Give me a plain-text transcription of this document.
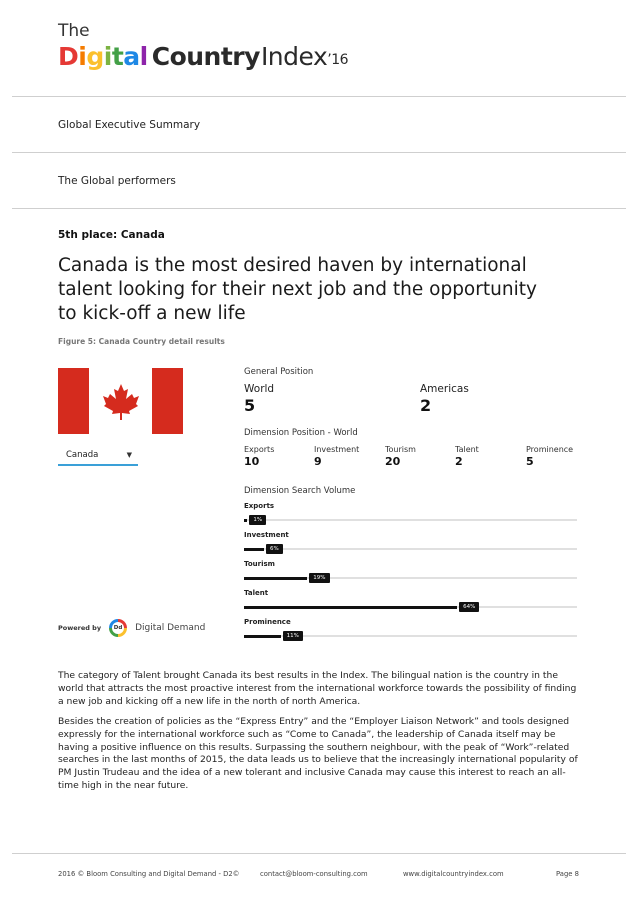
The
Digital CountryIndex’16
Global Executive Summary
The Global performers
5th place: Canada
Canada is the most desired haven by international talent looking for their next job and the opportunity to kick-off a new life
Figure 5: Canada Country detail results
Canada	▼
Powered by	Dd Digital Demand
General Position
World
5
Americas
2
Dimension Position - World
Exports
10
Investment
9
Tourism
20
Talent
2
Prominence
5
Dimension Search Volume
Exports
1%
Investment
6%
Tourism
19%
Talent
64%
Prominence
11%
The category of Talent brought Canada its best results in the Index. The bilingual nation is the country in the world that attracts the most proactive interest from the international workforce towards the possibility of finding a new job and kicking off a new life in the north of north America.
Besides the creation of policies as the “Express Entry” and the “Employer Liaison Network” and tools designed expressly for the international workforce such as “Come to Canada”, the leadership of Canada itself may be having a positive influence on this results. Surpassing the southern neighbour, with the peak of “Work”-related searches in the last months of 2015, the data leads us to believe that the increasingly international popularity of PM Justin Trudeau and the idea of a new tolerant and inclusive Canada may cause this interest to reach an all-time high in the near future.
2016 © Bloom Consulting and Digital Demand - D2©	contact@bloom-consulting.com	www.digitalcountryindex.com	Page 8
